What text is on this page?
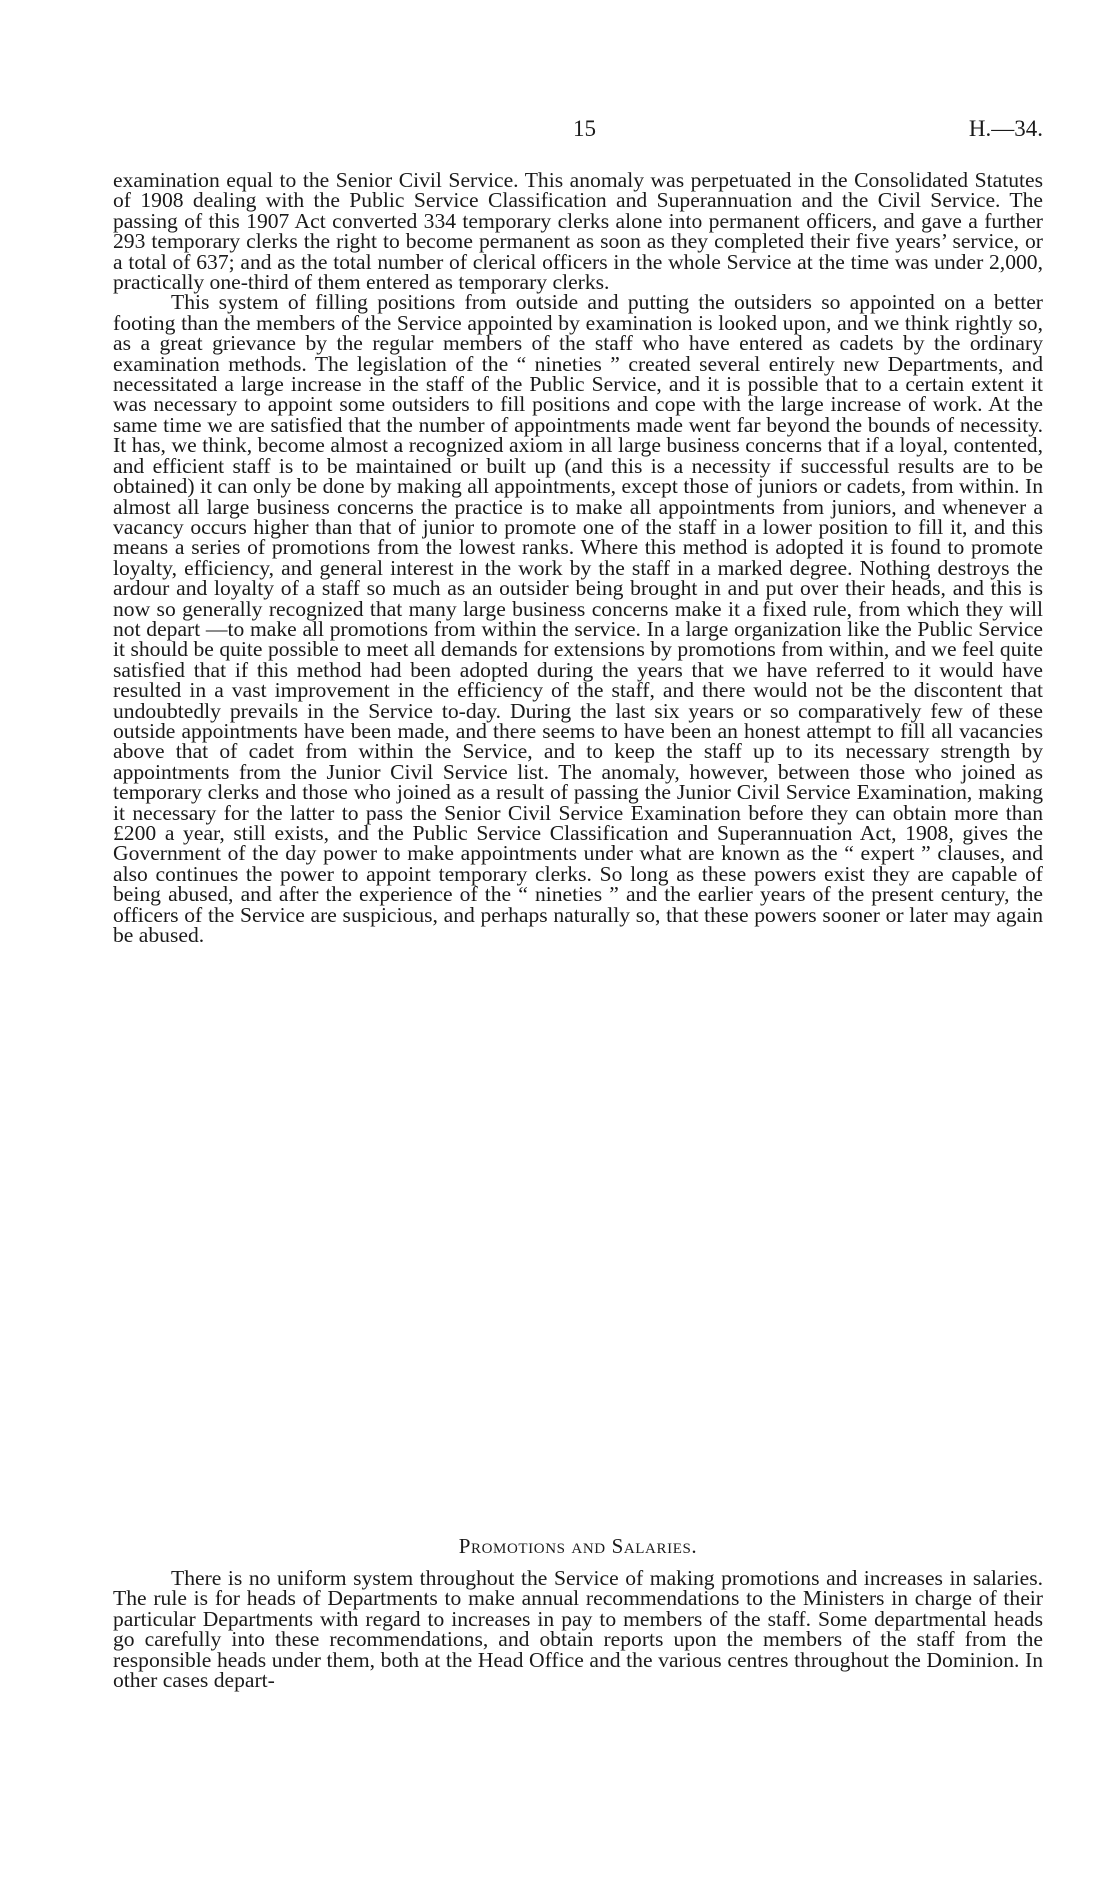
15	H.—34.

examination equal to the Senior Civil Service. This anomaly was perpetuated in the Consolidated Statutes of 1908 dealing with the Public Service Classification and Superannuation and the Civil Service. The passing of this 1907 Act converted 334 temporary clerks alone into permanent officers, and gave a further 293 temporary clerks the right to become permanent as soon as they completed their five years’ service, or a total of 637; and as the total number of clerical officers in the whole Service at the time was under 2,000, practically one-third of them entered as temporary clerks.

This system of filling positions from outside and putting the outsiders so appointed on a better footing than the members of the Service appointed by examination is looked upon, and we think rightly so, as a great grievance by the regular members of the staff who have entered as cadets by the ordinary examination methods. The legislation of the “ nineties ” created several entirely new Departments, and necessitated a large increase in the staff of the Public Service, and it is possible that to a certain extent it was necessary to appoint some outsiders to fill positions and cope with the large increase of work. At the same time we are satisfied that the number of appointments made went far beyond the bounds of necessity. It has, we think, become almost a recognized axiom in all large business concerns that if a loyal, contented, and efficient staff is to be maintained or built up (and this is a necessity if successful results are to be obtained) it can only be done by making all appointments, except those of juniors or cadets, from within. In almost all large business concerns the practice is to make all appointments from juniors, and whenever a vacancy occurs higher than that of junior to promote one of the staff in a lower position to fill it, and this means a series of promotions from the lowest ranks. Where this method is adopted it is found to promote loyalty, efficiency, and general interest in the work by the staff in a marked degree. Nothing destroys the ardour and loyalty of a staff so much as an outsider being brought in and put over their heads, and this is now so generally recognized that many large business concerns make it a fixed rule, from which they will not depart —to make all promotions from within the service. In a large organization like the Public Service it should be quite possible to meet all demands for extensions by promotions from within, and we feel quite satisfied that if this method had been adopted during the years that we have referred to it would have resulted in a vast improvement in the efficiency of the staff, and there would not be the discontent that undoubtedly prevails in the Service to-day. During the last six years or so comparatively few of these outside appointments have been made, and there seems to have been an honest attempt to fill all vacancies above that of cadet from within the Service, and to keep the staff up to its necessary strength by appointments from the Junior Civil Service list. The anomaly, however, between those who joined as temporary clerks and those who joined as a result of passing the Junior Civil Service Examination, making it necessary for the latter to pass the Senior Civil Service Examination before they can obtain more than £200 a year, still exists, and the Public Service Classification and Superannuation Act, 1908, gives the Government of the day power to make appointments under what are known as the “ expert ” clauses, and also continues the power to appoint temporary clerks. So long as these powers exist they are capable of being abused, and after the experience of the “ nineties ” and the earlier years of the present century, the officers of the Service are suspicious, and perhaps naturally so, that these powers sooner or later may again be abused.

Promotions and Salaries.

There is no uniform system throughout the Service of making promotions and increases in salaries. The rule is for heads of Departments to make annual recommendations to the Ministers in charge of their particular Departments with regard to increases in pay to members of the staff. Some departmental heads go carefully into these recommendations, and obtain reports upon the members of the staff from the responsible heads under them, both at the Head Office and the various centres throughout the Dominion. In other cases depart-
